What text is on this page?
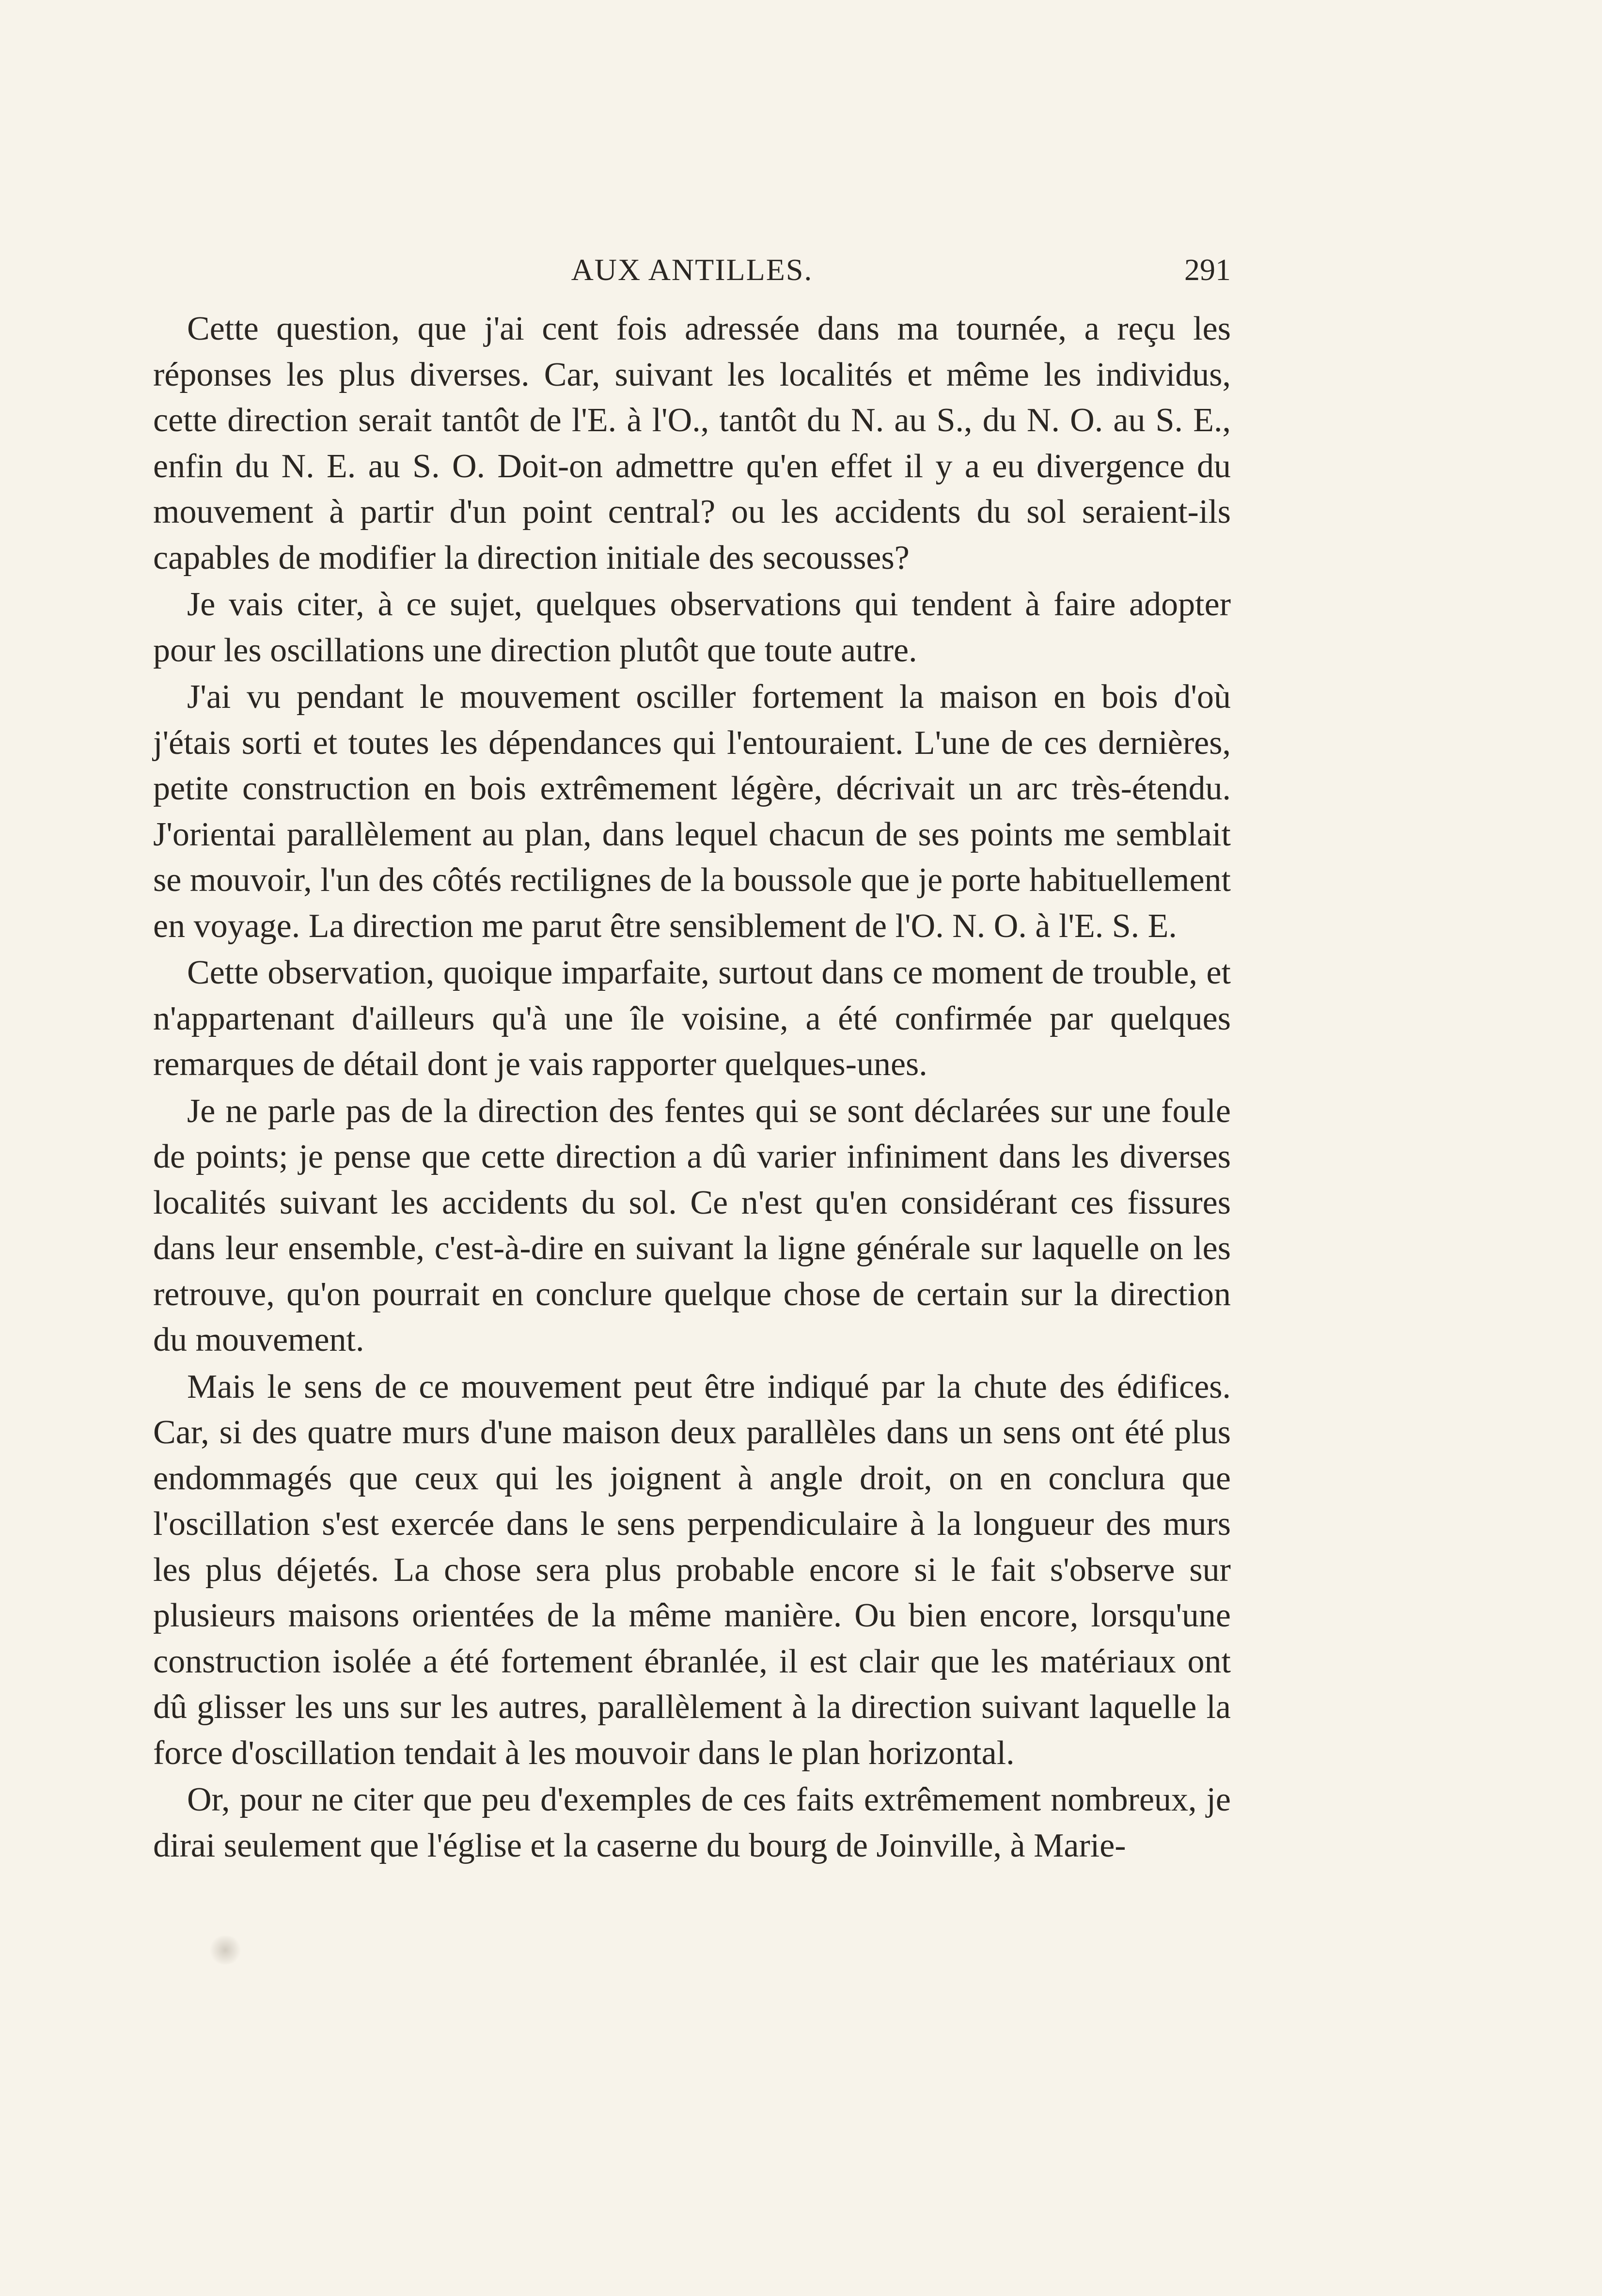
AUX ANTILLES.	291

Cette question, que j'ai cent fois adressée dans ma tournée, a reçu les réponses les plus diverses. Car, suivant les localités et même les individus, cette direction serait tantôt de l'E. à l'O., tantôt du N. au S., du N. O. au S. E., enfin du N. E. au S. O. Doit-on admettre qu'en effet il y a eu divergence du mouvement à partir d'un point central? ou les accidents du sol seraient-ils capables de modifier la direction initiale des secousses?

Je vais citer, à ce sujet, quelques observations qui tendent à faire adopter pour les oscillations une direction plutôt que toute autre.

J'ai vu pendant le mouvement osciller fortement la maison en bois d'où j'étais sorti et toutes les dépendances qui l'entouraient. L'une de ces dernières, petite construction en bois extrêmement légère, décrivait un arc très-étendu. J'orientai parallèlement au plan, dans lequel chacun de ses points me semblait se mouvoir, l'un des côtés rectilignes de la boussole que je porte habituellement en voyage. La direction me parut être sensiblement de l'O. N. O. à l'E. S. E.

Cette observation, quoique imparfaite, surtout dans ce moment de trouble, et n'appartenant d'ailleurs qu'à une île voisine, a été confirmée par quelques remarques de détail dont je vais rapporter quelques-unes.

Je ne parle pas de la direction des fentes qui se sont déclarées sur une foule de points; je pense que cette direction a dû varier infiniment dans les diverses localités suivant les accidents du sol. Ce n'est qu'en considérant ces fissures dans leur ensemble, c'est-à-dire en suivant la ligne générale sur laquelle on les retrouve, qu'on pourrait en conclure quelque chose de certain sur la direction du mouvement.

Mais le sens de ce mouvement peut être indiqué par la chute des édifices. Car, si des quatre murs d'une maison deux parallèles dans un sens ont été plus endommagés que ceux qui les joignent à angle droit, on en conclura que l'oscillation s'est exercée dans le sens perpendiculaire à la longueur des murs les plus déjetés. La chose sera plus probable encore si le fait s'observe sur plusieurs maisons orientées de la même manière. Ou bien encore, lorsqu'une construction isolée a été fortement ébranlée, il est clair que les matériaux ont dû glisser les uns sur les autres, parallèlement à la direction suivant laquelle la force d'oscillation tendait à les mouvoir dans le plan horizontal.

Or, pour ne citer que peu d'exemples de ces faits extrêmement nombreux, je dirai seulement que l'église et la caserne du bourg de Joinville, à Marie-
